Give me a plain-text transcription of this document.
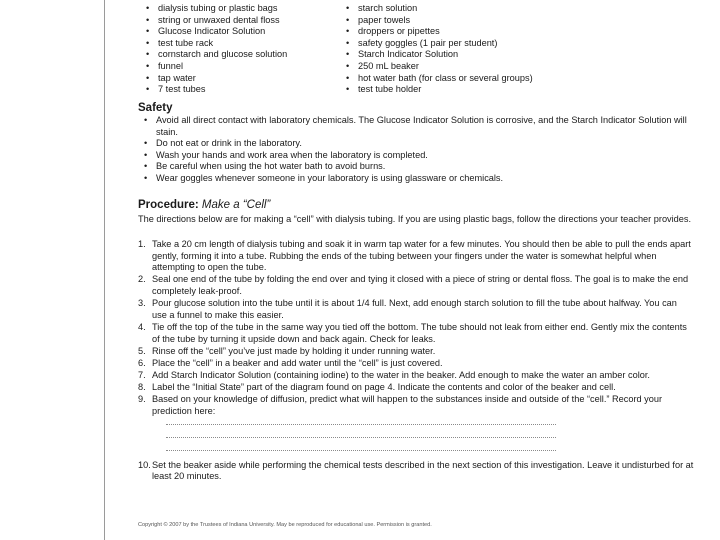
• dialysis tubing or plastic bags
• string or unwaxed dental floss
• Glucose Indicator Solution
• test tube rack
• cornstarch and glucose solution
• funnel
• tap water
• 7 test tubes
• starch solution
• paper towels
• droppers or pipettes
• safety goggles (1 pair per student)
• Starch Indicator Solution
• 250 mL beaker
• hot water bath (for class or several groups)
• test tube holder
Safety
• Avoid all direct contact with laboratory chemicals. The Glucose Indicator Solution is corrosive, and the Starch Indicator Solution will stain.
• Do not eat or drink in the laboratory.
• Wash your hands and work area when the laboratory is completed.
• Be careful when using the hot water bath to avoid burns.
• Wear goggles whenever someone in your laboratory is using glassware or chemicals.
Procedure: Make a “Cell”

The directions below are for making a “cell” with dialysis tubing. If you are using plastic bags, follow the directions your teacher provides.

1. Take a 20 cm length of dialysis tubing and soak it in warm tap water for a few minutes. You should then be able to pull the ends apart gently, forming it into a tube. Rubbing the ends of the tubing between your fingers under the water is somewhat helpful when attempting to open the tube.
2. Seal one end of the tube by folding the end over and tying it closed with a piece of string or dental floss. The goal is to make the end completely leak-proof.
3. Pour glucose solution into the tube until it is about 1/4 full. Next, add enough starch solution to fill the tube about halfway. You can use a funnel to make this easier.
4. Tie off the top of the tube in the same way you tied off the bottom. The tube should not leak from either end. Gently mix the contents of the tube by turning it upside down and back again. Check for leaks.
5. Rinse off the “cell” you’ve just made by holding it under running water.
6. Place the “cell” in a beaker and add water until the “cell” is just covered.
7. Add Starch Indicator Solution (containing iodine) to the water in the beaker. Add enough to make the water an amber color.
8. Label the “Initial State” part of the diagram found on page 4. Indicate the contents and color of the beaker and cell.
9. Based on your knowledge of diffusion, predict what will happen to the substances inside and outside of the “cell.” Record your prediction here:
10. Set the beaker aside while performing the chemical tests described in the next section of this investigation. Leave it undisturbed for at least 20 minutes.
Copyright © 2007 by the Trustees of Indiana University. May be reproduced for educational use. Permission is granted.
